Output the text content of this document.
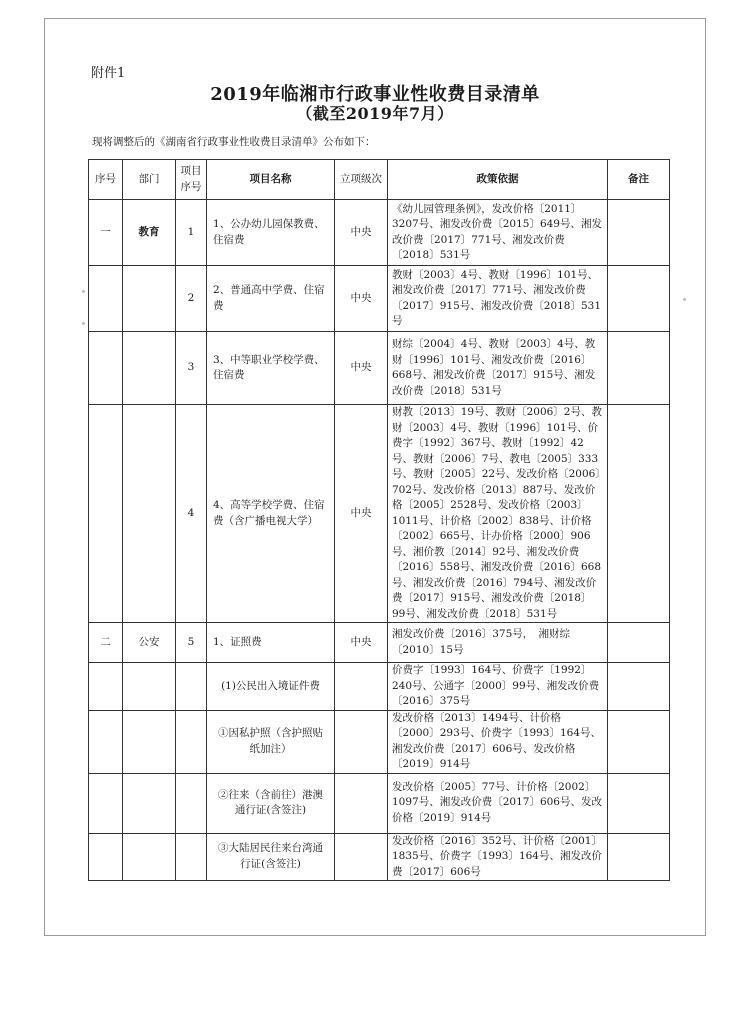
附件1
2019年临湘市行政事业性收费目录清单
（截至2019年7月）
现将调整后的《湖南省行政事业性收费目录清单》公布如下：
序号	部门	项目序号	项目名称	立项级次	政策依据	备注
一	教育	1	1、公办幼儿园保教费、住宿费	中央	《幼儿园管理条例》，发改价格〔2011〕3207号、湘发改价费〔2015〕649号、湘发改价费〔2017〕771号、湘发改价费〔2018〕531号	
		2	2、普通高中学费、住宿费	中央	教财〔2003〕4号、教财〔1996〕101号、湘发改价费〔2017〕771号、湘发改价费〔2017〕915号、湘发改价费〔2018〕531号	
		3	3、中等职业学校学费、住宿费	中央	财综〔2004〕4号、教财〔2003〕4号、教财〔1996〕101号、湘发改价费〔2016〕668号、湘发改价费〔2017〕915号、湘发改价费〔2018〕531号	
		4	4、高等学校学费、住宿费（含广播电视大学）	中央	财教〔2013〕19号、教财〔2006〕2号、教财〔2003〕4号、教财〔1996〕101号、价费字〔1992〕367号、教财〔1992〕42号、教财〔2006〕7号、教电〔2005〕333号、教财〔2005〕22号、发改价格〔2006〕702号、发改价格〔2013〕887号、发改价格〔2005〕2528号、发改价格〔2003〕1011号、计价格〔2002〕838号、计价格〔2002〕665号、计办价格〔2000〕906号、湘价教〔2014〕92号、湘发改价费〔2016〕558号、湘发改价费〔2016〕668号、湘发改价费〔2016〕794号、湘发改价费〔2017〕915号、湘发改价费〔2018〕99号、湘发改价费〔2018〕531号	
二	公安	5	1、证照费	中央	湘发改价费〔2016〕375号，　湘财综〔2010〕15号	
			(1)公民出入境证件费		价费字〔1993〕164号、价费字〔1992〕240号、公通字〔2000〕99号、湘发改价费〔2016〕375号	
			①因私护照（含护照贴纸加注）		发改价格〔2013〕1494号、计价格〔2000〕293号、价费字〔1993〕164号、湘发改价费〔2017〕606号、发改价格〔2019〕914号	
			②往来（含前往）港澳通行证(含签注)		发改价格〔2005〕77号、计价格〔2002〕1097号、湘发改价费〔2017〕606号、发改价格〔2019〕914号	
			③大陆居民往来台湾通行证(含签注)		发改价格〔2016〕352号、计价格〔2001〕1835号、价费字〔1993〕164号、湘发改价费〔2017〕606号	
